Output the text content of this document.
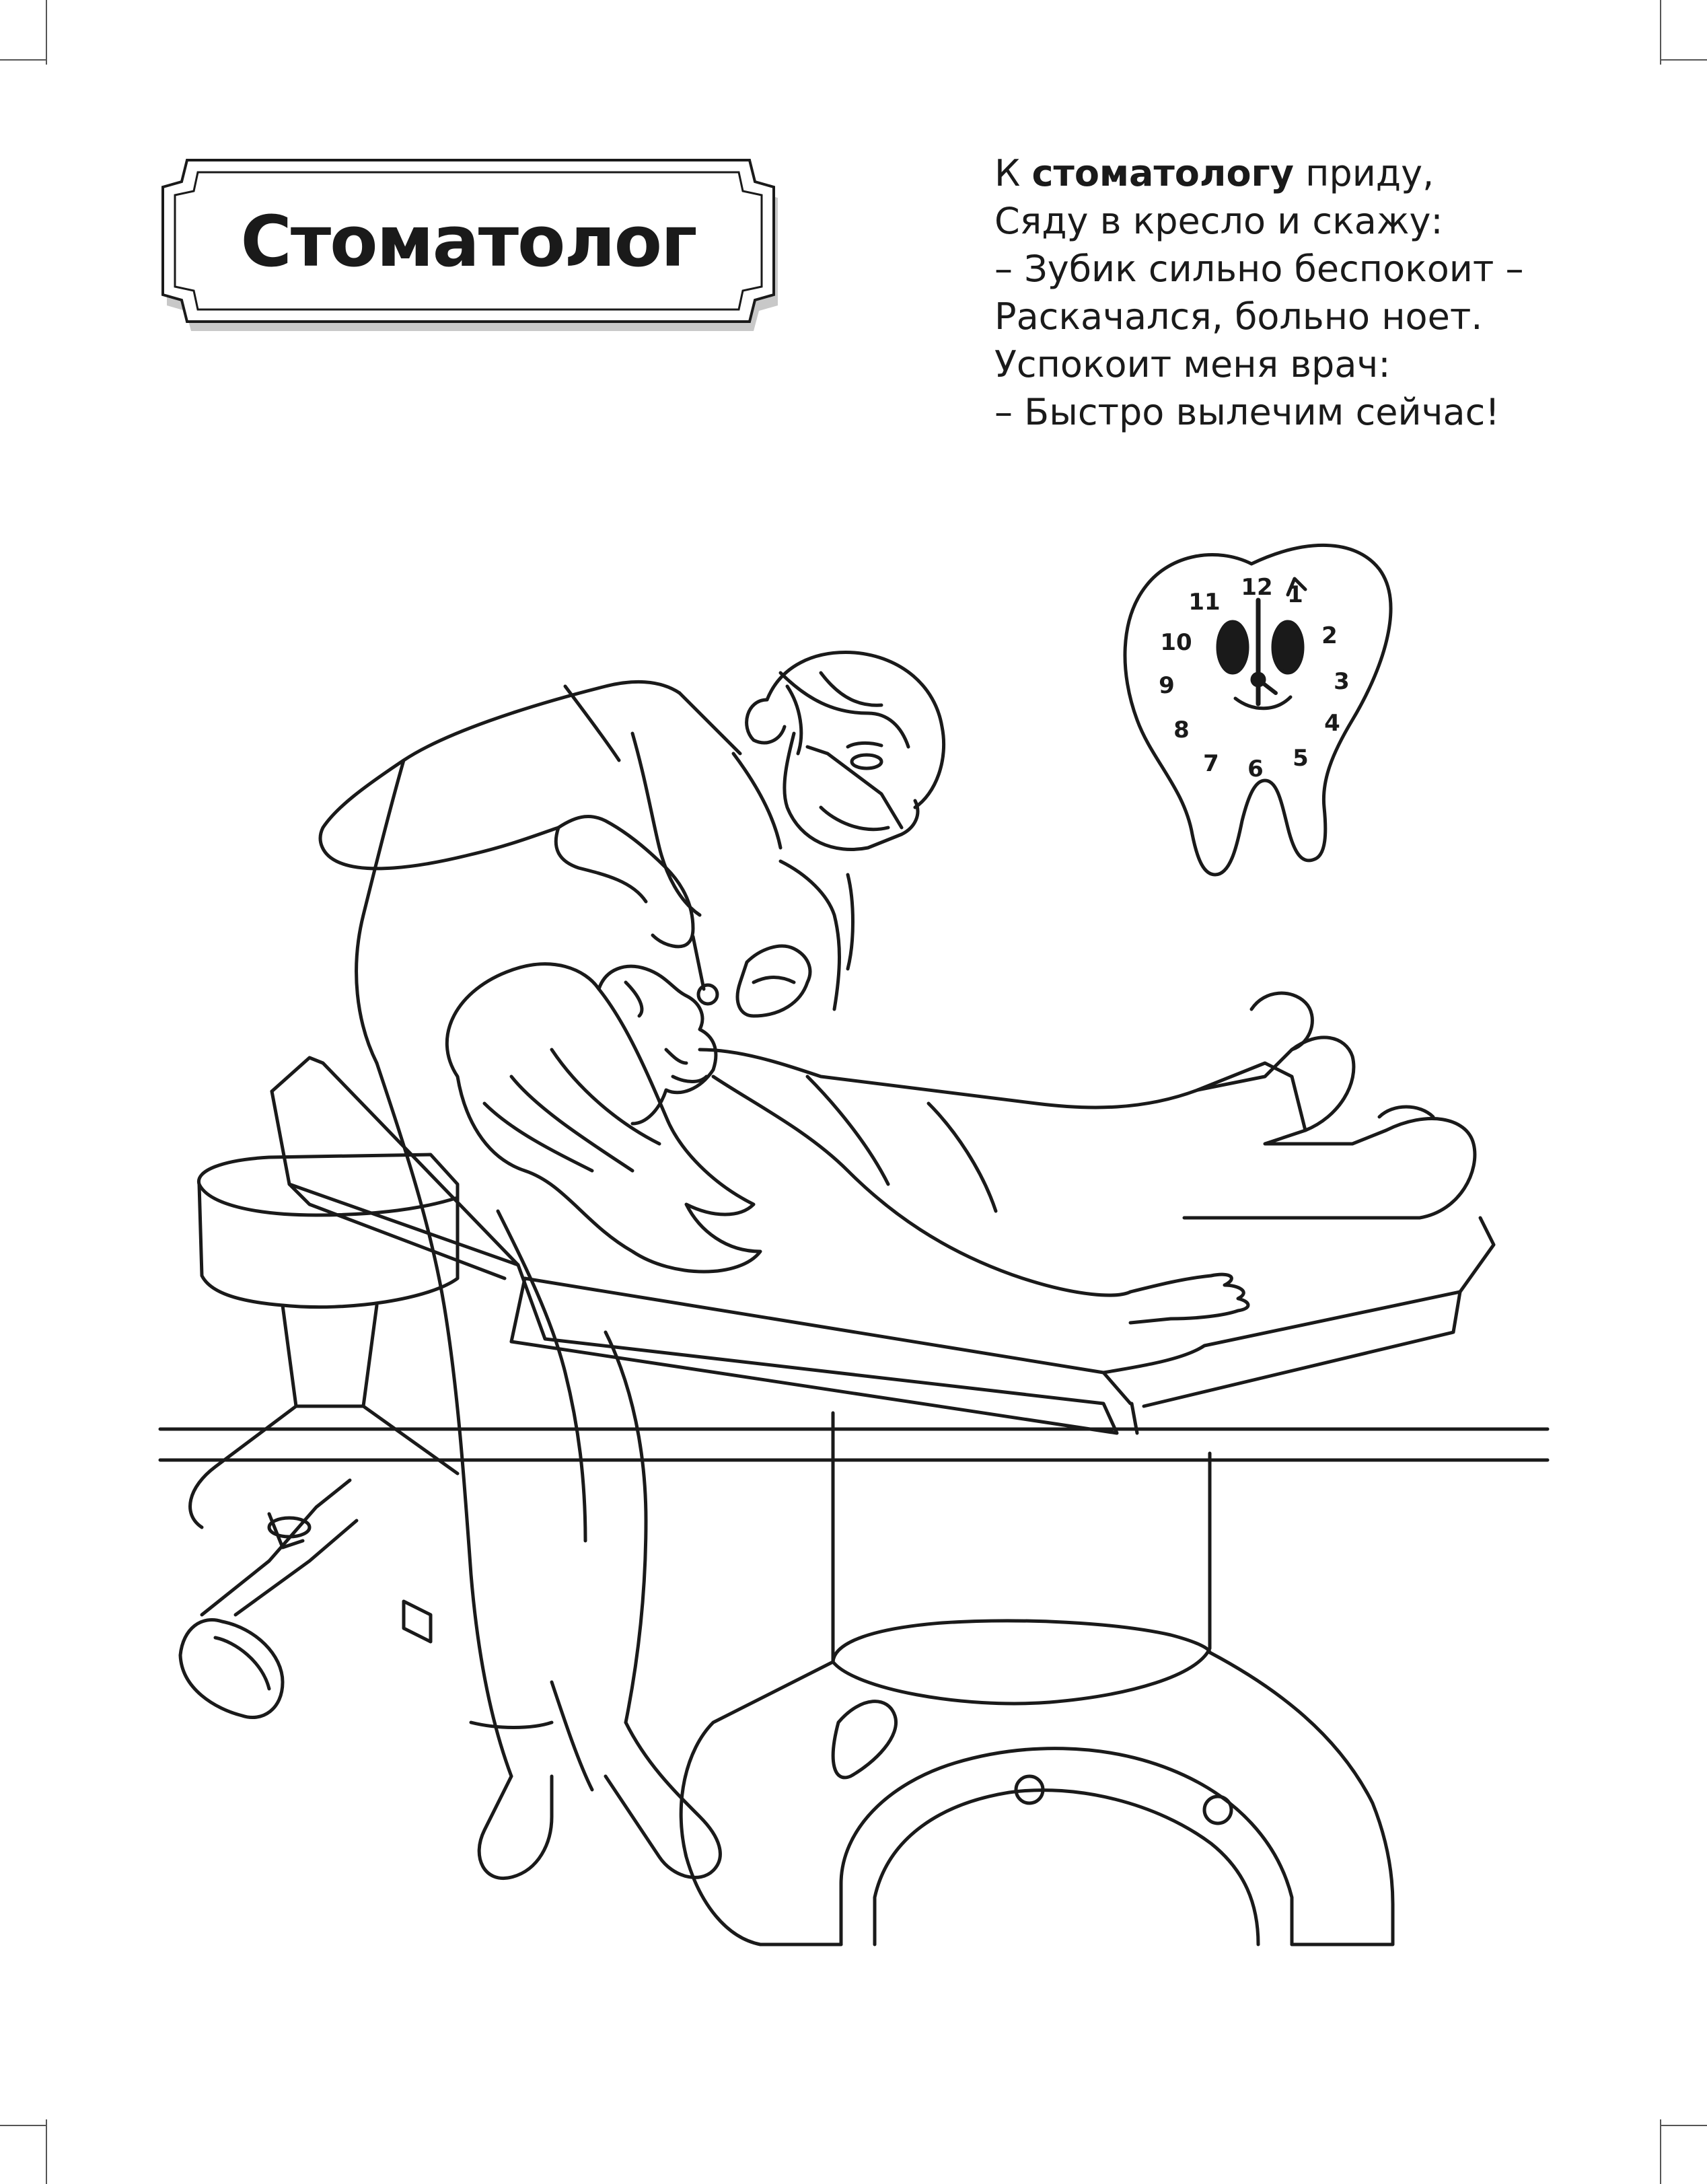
Стоматолог
К стоматологу приду,
Сяду в кресло и скажу:
– Зубик сильно беспокоит –
Раскачался, больно ноет.
Успокоит меня врач:
– Быстро вылечим сейчас!
12 1
2
3
4
5
6
7
8
9
10
11
